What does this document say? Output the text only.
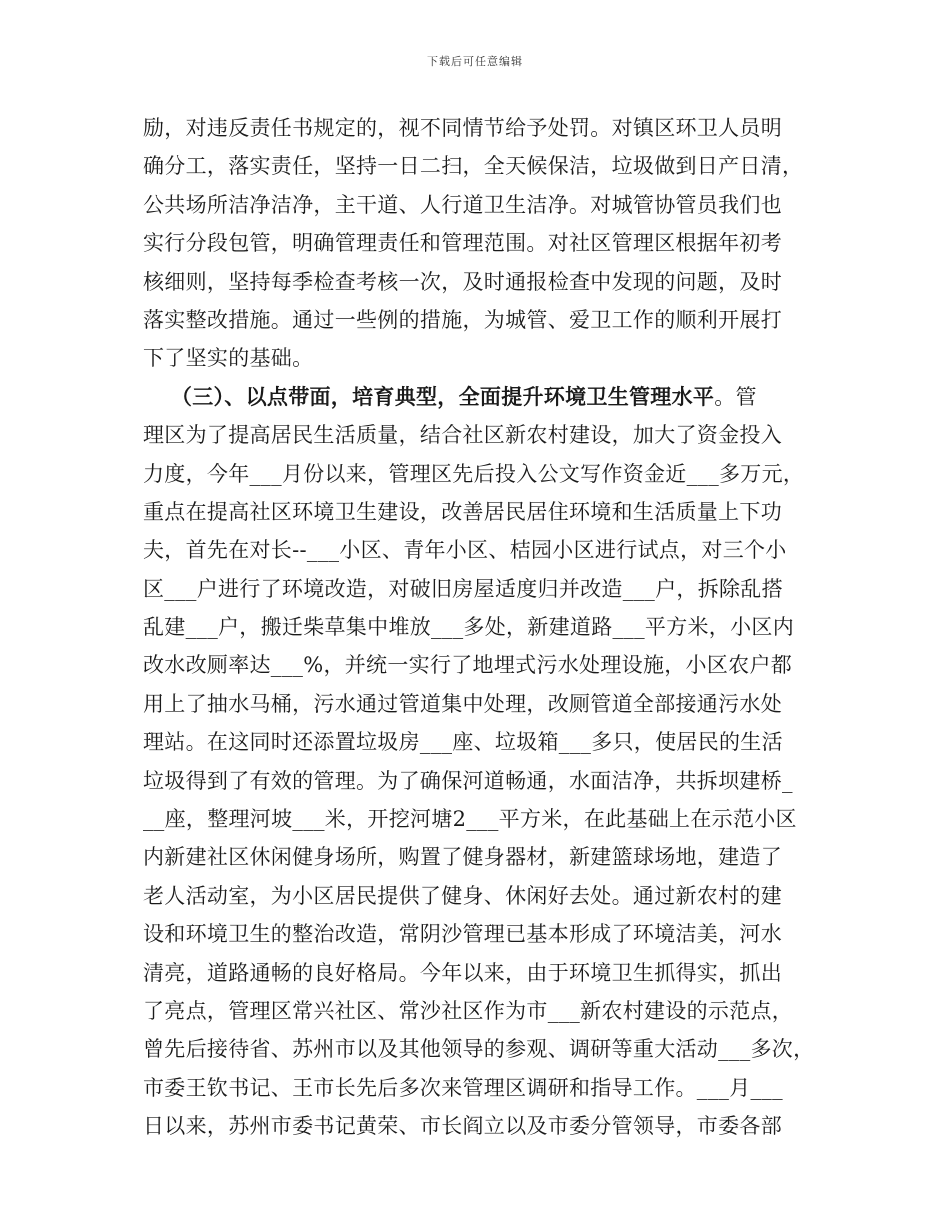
下载后可任意编辑
励，对违反责任书规定的，视不同情节给予处罚。对镇区环卫人员明
确分工，落实责任，坚持一日二扫，全天候保洁，垃圾做到日产日清，
公共场所洁净洁净，主干道、人行道卫生洁净。对城管协管员我们也
实行分段包管，明确管理责任和管理范围。对社区管理区根据年初考
核细则，坚持每季检查考核一次，及时通报检查中发现的问题，及时
落实整改措施。通过一些例的措施，为城管、爱卫工作的顺利开展打
下了坚实的基础。
（三）、以点带面，培育典型，全面提升环境卫生管理水平。管
理区为了提高居民生活质量，结合社区新农村建设，加大了资金投入
力度，今年___月份以来，管理区先后投入公文写作资金近___多万元，
重点在提高社区环境卫生建设，改善居民居住环境和生活质量上下功
夫，首先在对长--___小区、青年小区、桔园小区进行试点，对三个小
区___户进行了环境改造，对破旧房屋适度归并改造___户，拆除乱搭
乱建___户，搬迁柴草集中堆放___多处，新建道路___平方米，小区内
改水改厕率达___%，并统一实行了地埋式污水处理设施，小区农户都
用上了抽水马桶，污水通过管道集中处理，改厕管道全部接通污水处
理站。在这同时还添置垃圾房___座、垃圾箱___多只，使居民的生活
垃圾得到了有效的管理。为了确保河道畅通，水面洁净，共拆坝建桥_
__座，整理河坡___米，开挖河塘2___平方米，在此基础上在示范小区
内新建社区休闲健身场所，购置了健身器材，新建篮球场地，建造了
老人活动室，为小区居民提供了健身、休闲好去处。通过新农村的建
设和环境卫生的整治改造，常阴沙管理已基本形成了环境洁美，河水
清亮，道路通畅的良好格局。今年以来，由于环境卫生抓得实，抓出
了亮点，管理区常兴社区、常沙社区作为市___新农村建设的示范点，
曾先后接待省、苏州市以及其他领导的参观、调研等重大活动___多次，
市委王钦书记、王市长先后多次来管理区调研和指导工作。___月___
日以来，苏州市委书记黄荣、市长阎立以及市委分管领导，市委各部
